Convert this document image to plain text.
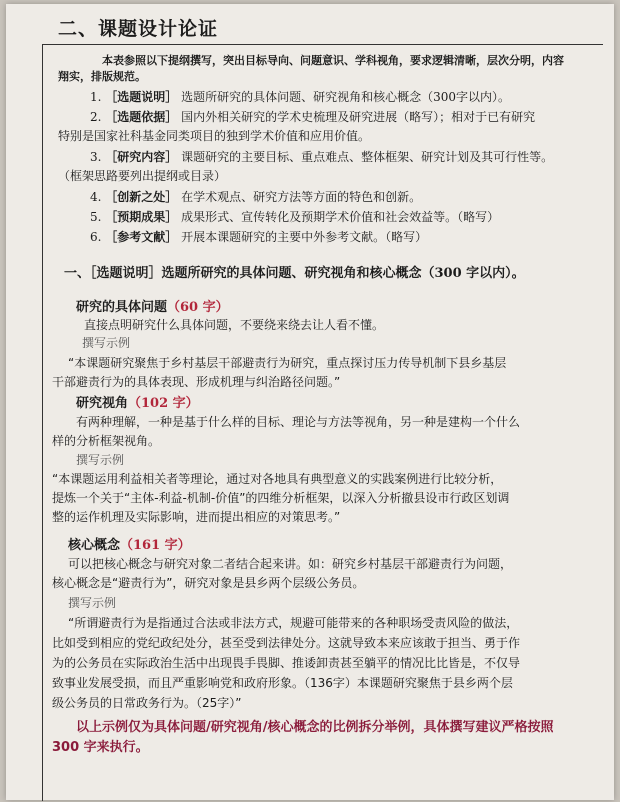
二、课题设计论证
本表参照以下提纲撰写，突出目标导向、问题意识、学科视角，要求逻辑清晰，层次分明，内容
翔实，排版规范。
1. ［选题说明］ 选题所研究的具体问题、研究视角和核心概念（300字以内）。
2. ［选题依据］ 国内外相关研究的学术史梳理及研究进展（略写）；相对于已有研究
特别是国家社科基金同类项目的独到学术价值和应用价值。
3. ［研究内容］ 课题研究的主要目标、重点难点、整体框架、研究计划及其可行性等。
（框架思路要列出提纲或目录）
4. ［创新之处］ 在学术观点、研究方法等方面的特色和创新。
5. ［预期成果］ 成果形式、宣传转化及预期学术价值和社会效益等。（略写）
6. ［参考文献］ 开展本课题研究的主要中外参考文献。（略写）
一、［选题说明］选题所研究的具体问题、研究视角和核心概念（300 字以内）。
研究的具体问题（60 字）
直接点明研究什么具体问题，不要绕来绕去让人看不懂。
撰写示例
“本课题研究聚焦于乡村基层干部避责行为研究，重点探讨压力传导机制下县乡基层
干部避责行为的具体表现、形成机理与纠治路径问题。”
研究视角（102 字）
有两种理解，一种是基于什么样的目标、理论与方法等视角，另一种是建构一个什么
样的分析框架视角。
撰写示例
“本课题运用利益相关者等理论，通过对各地具有典型意义的实践案例进行比较分析，
提炼一个关于“主体-利益-机制-价值”的四维分析框架，以深入分析撤县设市行政区划调
整的运作机理及实际影响，进而提出相应的对策思考。”
核心概念（161 字）
可以把核心概念与研究对象二者结合起来讲。如：研究乡村基层干部避责行为问题，
核心概念是“避责行为”，研究对象是县乡两个层级公务员。
撰写示例
“所谓避责行为是指通过合法或非法方式，规避可能带来的各种职场受责风险的做法，
比如受到相应的党纪政纪处分，甚至受到法律处分。这就导致本来应该敢于担当、勇于作
为的公务员在实际政治生活中出现畏手畏脚、推诿卸责甚至躺平的情况比比皆是，不仅导
致事业发展受损，而且严重影响党和政府形象。（136字）本课题研究聚焦于县乡两个层
级公务员的日常政务行为。（25字）”
以上示例仅为具体问题/研究视角/核心概念的比例拆分举例，具体撰写建议严格按照
300 字来执行。
